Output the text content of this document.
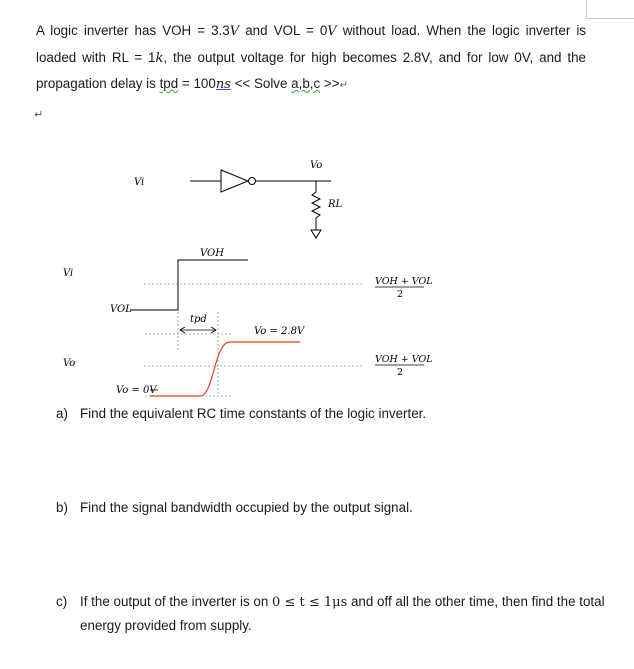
A logic inverter has VOH = 3.3V and VOL = 0V without load. When the logic inverter is loaded with RL = 1k, the output voltage for high becomes 2.8V, and for low 0V, and the propagation delay is tpd = 100ns << Solve a,b,c >>↵
↵
Vi
Vo
RL
VOH
Vi
VOL
tpd
Vo = 2.8V
Vo
Vo = 0V
VOH + VOL
2
VOH + VOL
2
a) Find the equivalent RC time constants of the logic inverter.
b) Find the signal bandwidth occupied by the output signal.
c) If the output of the inverter is on 0 ≤ t ≤ 1μs and off all the other time, then find the total energy provided from supply.
